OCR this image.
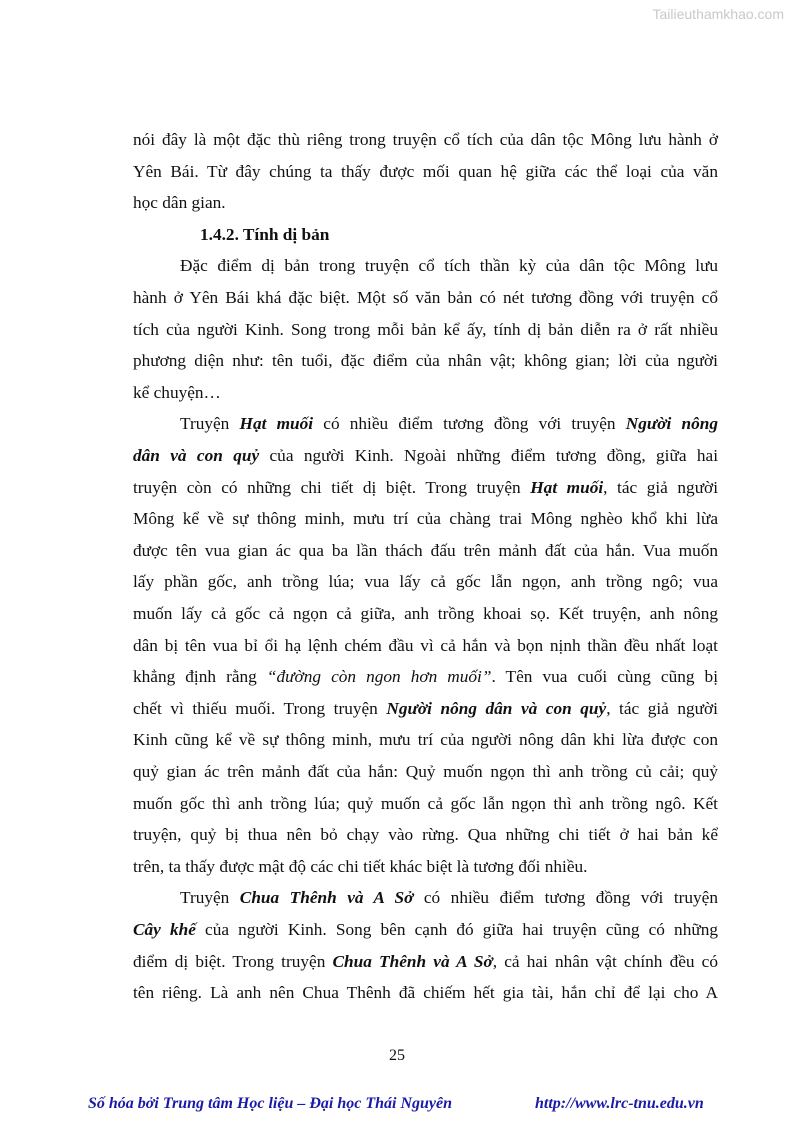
Tailieuthamkhao.com
nói đây là một đặc thù riêng trong truyện cổ tích của dân tộc Mông lưu hành ở
Yên Bái. Từ đây chúng ta thấy được mối quan hệ giữa các thể loại của văn
học dân gian.
1.4.2. Tính dị bản
Đặc điểm dị bản trong truyện cổ tích thần kỳ của dân tộc Mông lưu
hành ở Yên Bái khá đặc biệt. Một số văn bản có nét tương đồng với truyện cổ
tích của người Kinh. Song trong mỗi bản kể ấy, tính dị bản diễn ra ở rất nhiều
phương diện như: tên tuổi, đặc điểm của nhân vật; không gian; lời của người
kể chuyện…
Truyện Hạt muối có nhiều điểm tương đồng với truyện Người nông
dân và con quỷ của người Kinh. Ngoài những điểm tương đồng, giữa hai
truyện còn có những chi tiết dị biệt. Trong truyện Hạt muối, tác giả người
Mông kể về sự thông minh, mưu trí của chàng trai Mông nghèo khổ khi lừa
được tên vua gian ác qua ba lần thách đấu trên mảnh đất của hắn. Vua muốn
lấy phần gốc, anh trồng lúa; vua lấy cả gốc lẫn ngọn, anh trồng ngô; vua
muốn lấy cả gốc cả ngọn cả giữa, anh trồng khoai sọ. Kết truyện, anh nông
dân bị tên vua bỉ ổi hạ lệnh chém đầu vì cả hắn và bọn nịnh thần đều nhất loạt
khẳng định rằng “đường còn ngon hơn muối”. Tên vua cuối cùng cũng bị
chết vì thiếu muối. Trong truyện Người nông dân và con quỷ, tác giả người
Kinh cũng kể về sự thông minh, mưu trí của người nông dân khi lừa được con
quỷ gian ác trên mảnh đất của hắn: Quỷ muốn ngọn thì anh trồng củ cải; quỷ
muốn gốc thì anh trồng lúa; quỷ muốn cả gốc lẫn ngọn thì anh trồng ngô. Kết
truyện, quỷ bị thua nên bỏ chạy vào rừng. Qua những chi tiết ở hai bản kể
trên, ta thấy được mật độ các chi tiết khác biệt là tương đối nhiều.
Truyện Chua Thênh và A Sở có nhiều điểm tương đồng với truyện
Cây khế của người Kinh. Song bên cạnh đó giữa hai truyện cũng có những
điểm dị biệt. Trong truyện Chua Thênh và A Sở, cả hai nhân vật chính đều có
tên riêng. Là anh nên Chua Thênh đã chiếm hết gia tài, hắn chỉ để lại cho A
25
Số hóa bởi Trung tâm Học liệu – Đại học Thái Nguyên	http://www.lrc-tnu.edu.vn
